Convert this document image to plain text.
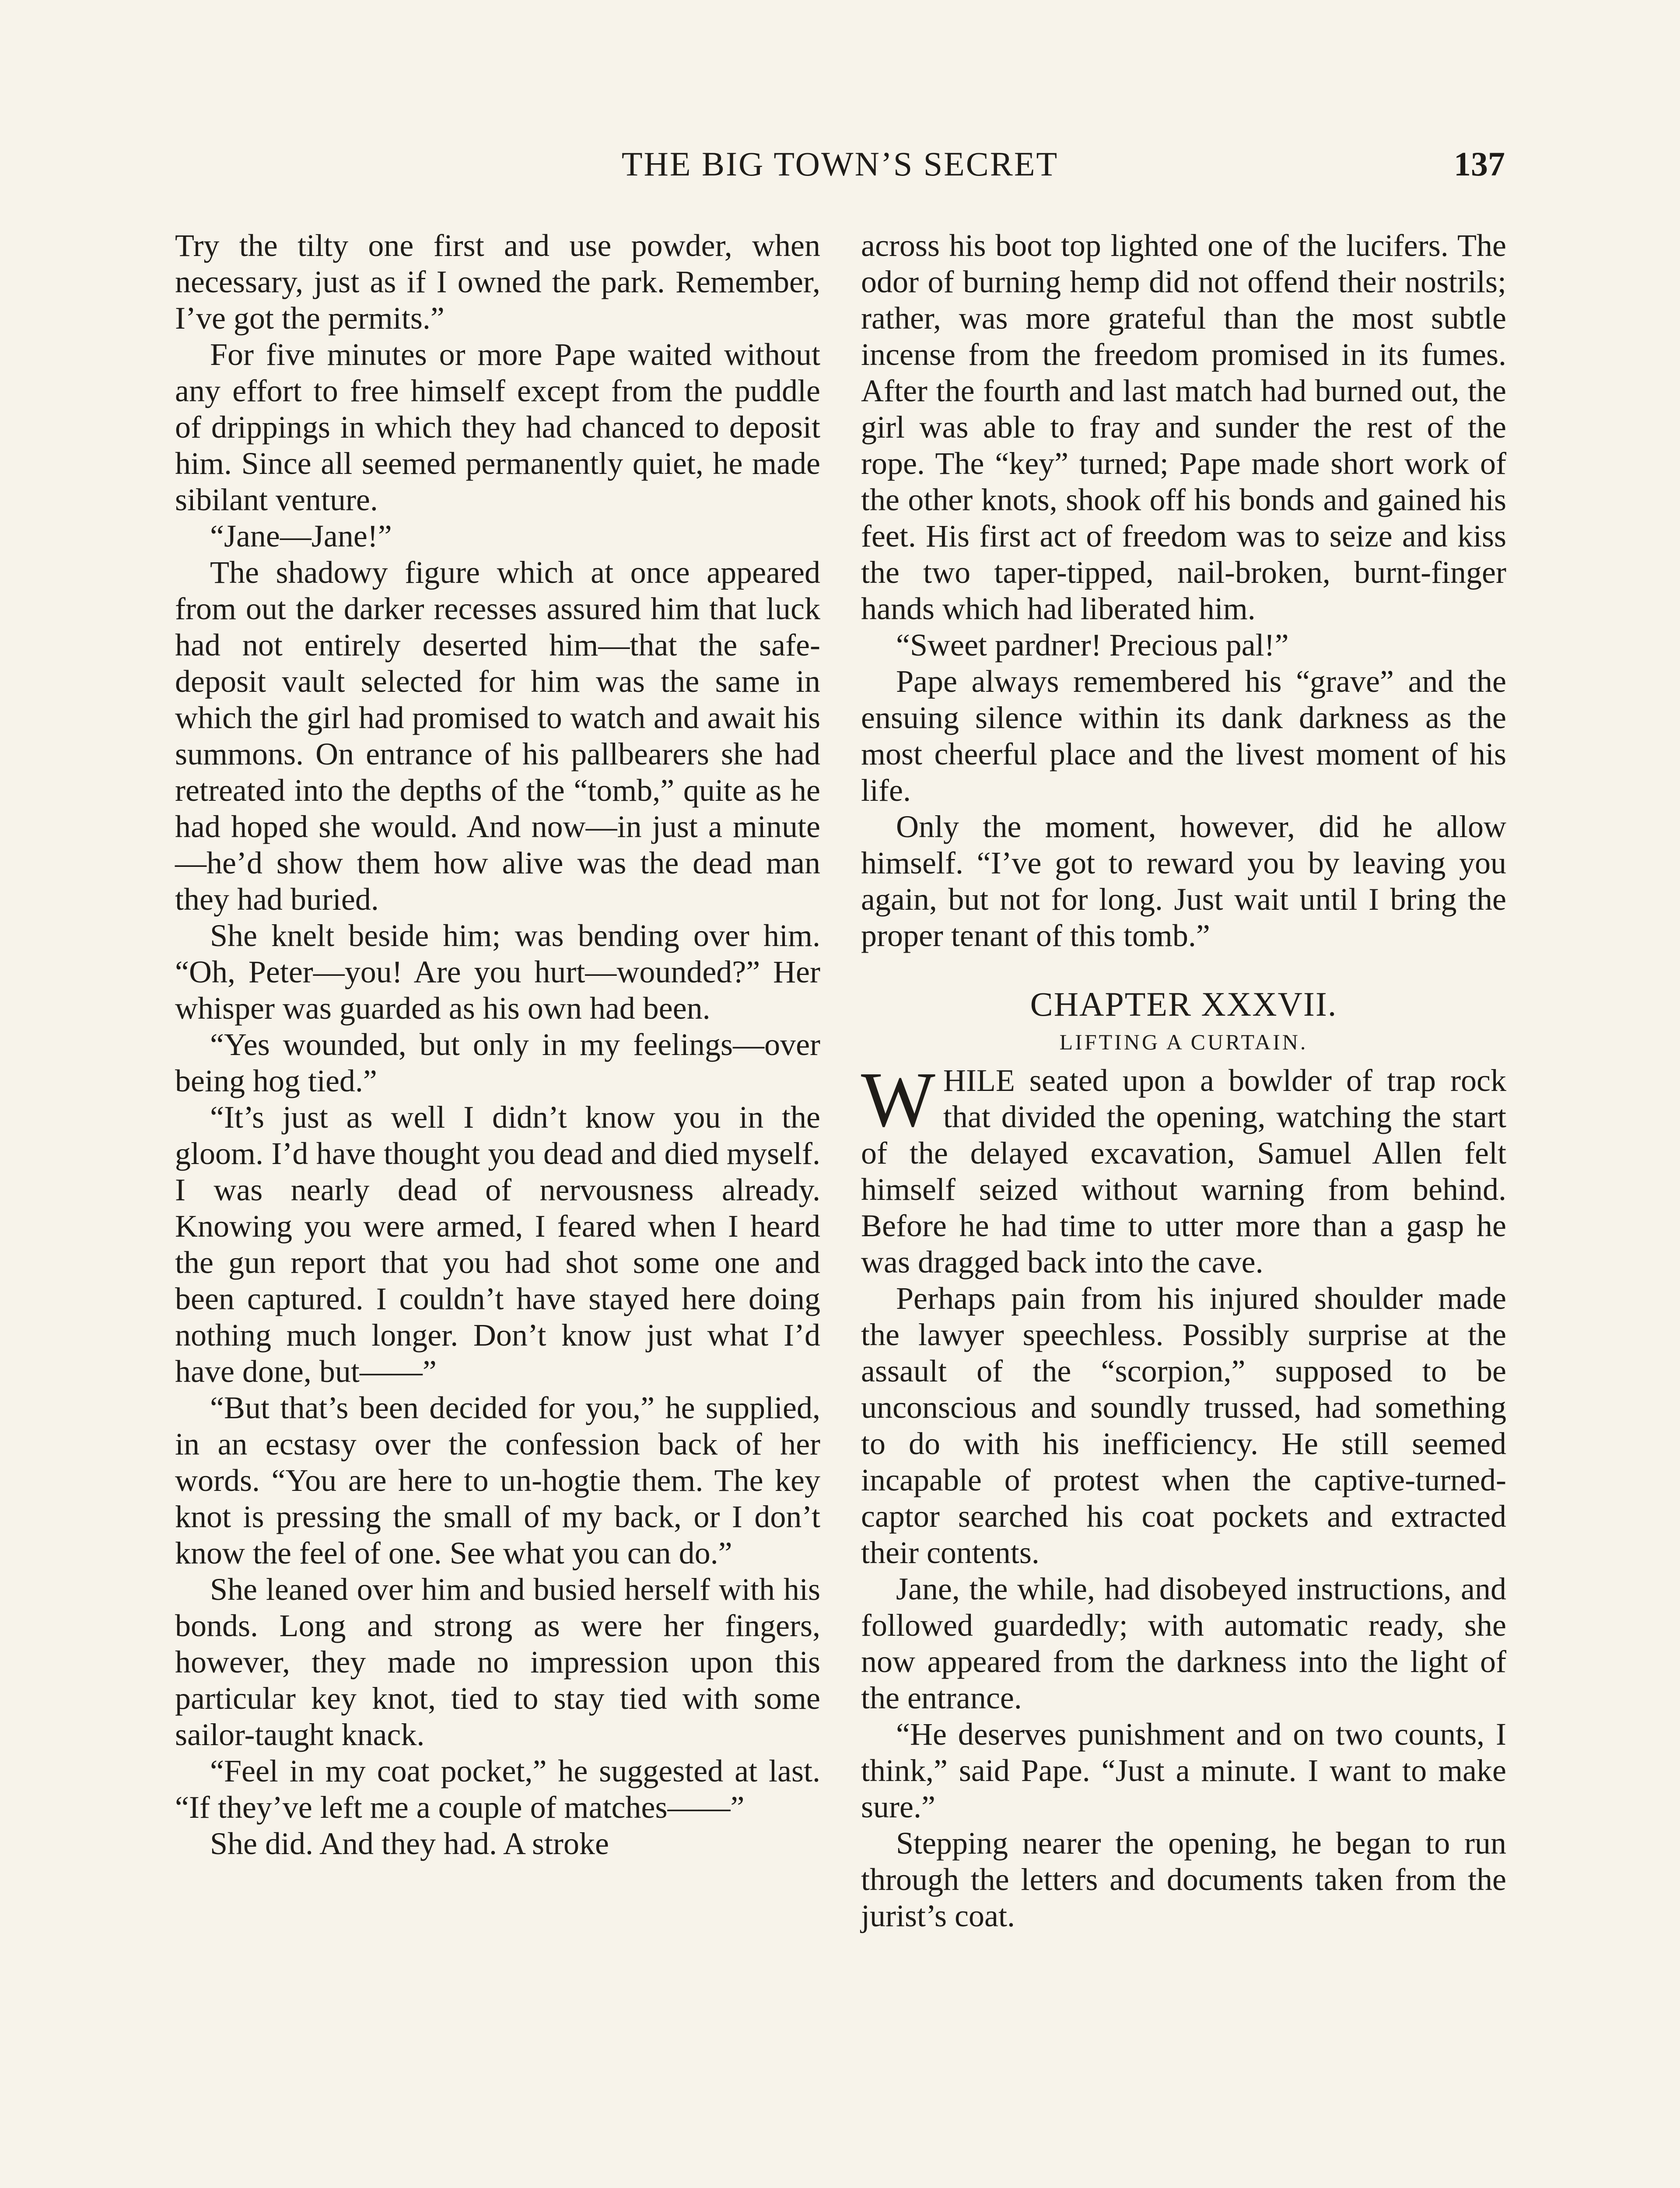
THE BIG TOWN’S SECRET	137

Try the tilty one first and use powder, when necessary, just as if I owned the park. Remember, I’ve got the permits.”

For five minutes or more Pape waited without any effort to free himself except from the puddle of drippings in which they had chanced to deposit him. Since all seemed permanently quiet, he made sibilant venture.

“Jane—Jane!”

The shadowy figure which at once appeared from out the darker recesses assured him that luck had not entirely deserted him—that the safe-deposit vault selected for him was the same in which the girl had promised to watch and await his summons. On entrance of his pallbearers she had retreated into the depths of the “tomb,” quite as he had hoped she would. And now—in just a minute—he’d show them how alive was the dead man they had buried.

She knelt beside him; was bending over him. “Oh, Peter—you! Are you hurt—wounded?” Her whisper was guarded as his own had been.

“Yes wounded, but only in my feelings—over being hog tied.”

“It’s just as well I didn’t know you in the gloom. I’d have thought you dead and died myself. I was nearly dead of nervousness already. Knowing you were armed, I feared when I heard the gun report that you had shot some one and been captured. I couldn’t have stayed here doing nothing much longer. Don’t know just what I’d have done, but——”

“But that’s been decided for you,” he supplied, in an ecstasy over the confession back of her words. “You are here to un-hogtie them. The key knot is pressing the small of my back, or I don’t know the feel of one. See what you can do.”

She leaned over him and busied herself with his bonds. Long and strong as were her fingers, however, they made no impression upon this particular key knot, tied to stay tied with some sailor-taught knack.

“Feel in my coat pocket,” he suggested at last. “If they’ve left me a couple of matches——”

She did. And they had. A stroke

across his boot top lighted one of the lucifers. The odor of burning hemp did not offend their nostrils; rather, was more grateful than the most subtle incense from the freedom promised in its fumes. After the fourth and last match had burned out, the girl was able to fray and sunder the rest of the rope. The “key” turned; Pape made short work of the other knots, shook off his bonds and gained his feet. His first act of freedom was to seize and kiss the two taper-tipped, nail-broken, burnt-finger hands which had liberated him.

“Sweet pardner! Precious pal!”

Pape always remembered his “grave” and the ensuing silence within its dank darkness as the most cheerful place and the livest moment of his life.

Only the moment, however, did he allow himself. “I’ve got to reward you by leaving you again, but not for long. Just wait until I bring the proper tenant of this tomb.”

CHAPTER XXXVII.
LIFTING A CURTAIN.

WHILE seated upon a bowlder of trap rock that divided the opening, watching the start of the delayed excavation, Samuel Allen felt himself seized without warning from behind. Before he had time to utter more than a gasp he was dragged back into the cave.

Perhaps pain from his injured shoulder made the lawyer speechless. Possibly surprise at the assault of the “scorpion,” supposed to be unconscious and soundly trussed, had something to do with his inefficiency. He still seemed incapable of protest when the captive-turned-captor searched his coat pockets and extracted their contents.

Jane, the while, had disobeyed instructions, and followed guardedly; with automatic ready, she now appeared from the darkness into the light of the entrance.

“He deserves punishment and on two counts, I think,” said Pape. “Just a minute. I want to make sure.”

Stepping nearer the opening, he began to run through the letters and documents taken from the jurist’s coat.
